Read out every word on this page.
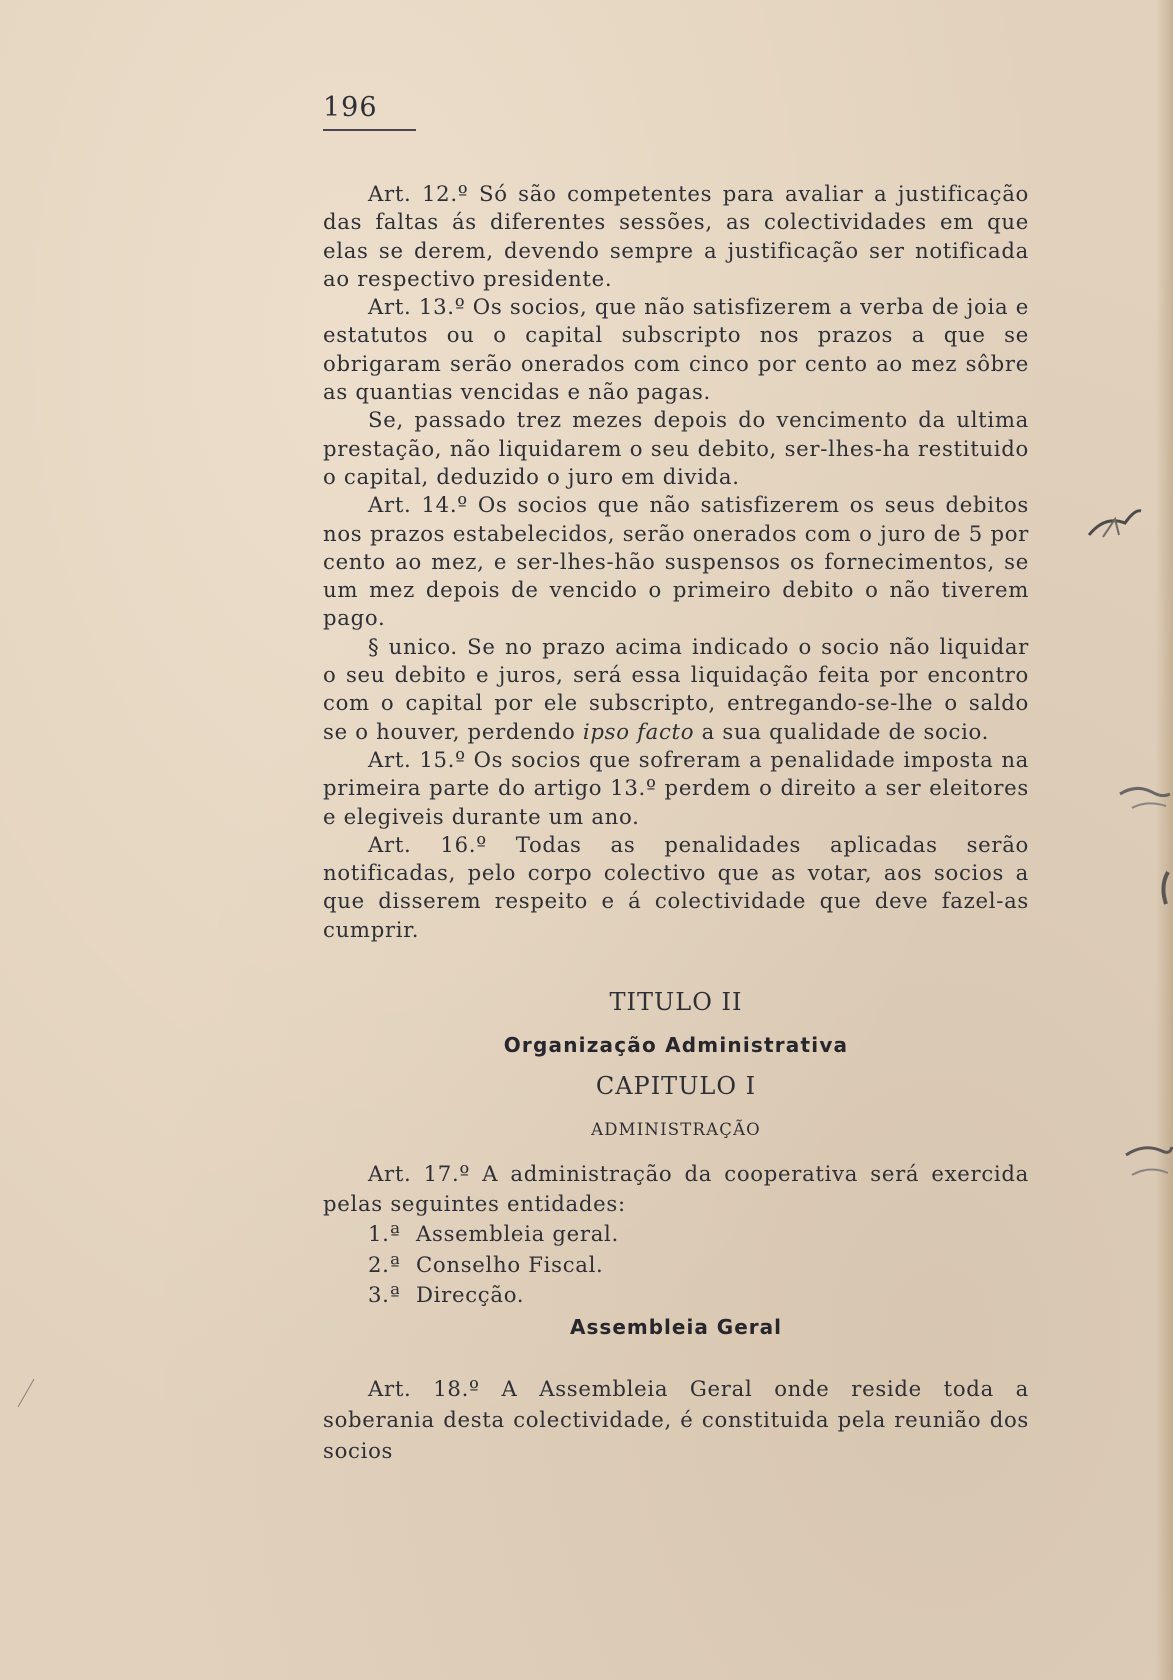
196

Art. 12.º Só são competentes para avaliar a justificação das faltas ás diferentes sessões, as colectividades em que elas se derem, devendo sempre a justificação ser notificada ao respectivo presidente.

Art. 13.º Os socios, que não satisfizerem a verba de joia e estatutos ou o capital subscripto nos prazos a que se obrigaram serão onerados com cinco por cento ao mez sôbre as quantias vencidas e não pagas.

Se, passado trez mezes depois do vencimento da ultima prestação, não liquidarem o seu debito, ser-lhes-ha restituido o capital, deduzido o juro em divida.

Art. 14.º Os socios que não satisfizerem os seus debitos nos prazos estabelecidos, serão onerados com o juro de 5 por cento ao mez, e ser-lhes-hão suspensos os fornecimentos, se um mez depois de vencido o primeiro debito o não tiverem pago.

§ unico. Se no prazo acima indicado o socio não liquidar o seu debito e juros, será essa liquidação feita por encontro com o capital por ele subscripto, entregando-se-lhe o saldo se o houver, perdendo ipso facto a sua qualidade de socio.

Art. 15.º Os socios que sofreram a penalidade imposta na primeira parte do artigo 13.º perdem o direito a ser eleitores e elegiveis durante um ano.

Art. 16.º Todas as penalidades aplicadas serão notificadas, pelo corpo colectivo que as votar, aos socios a que disserem respeito e á colectividade que deve fazel-as cumprir.

TITULO II

Organização Administrativa

CAPITULO I

ADMINISTRAÇÃO

Art. 17.º A administração da cooperativa será exercida pelas seguintes entidades:
1.ª Assembleia geral.
2.ª Conselho Fiscal.
3.ª Direcção.

Assembleia Geral

Art. 18.º A Assembleia Geral onde reside toda a soberania desta colectividade, é constituida pela reunião dos socios
